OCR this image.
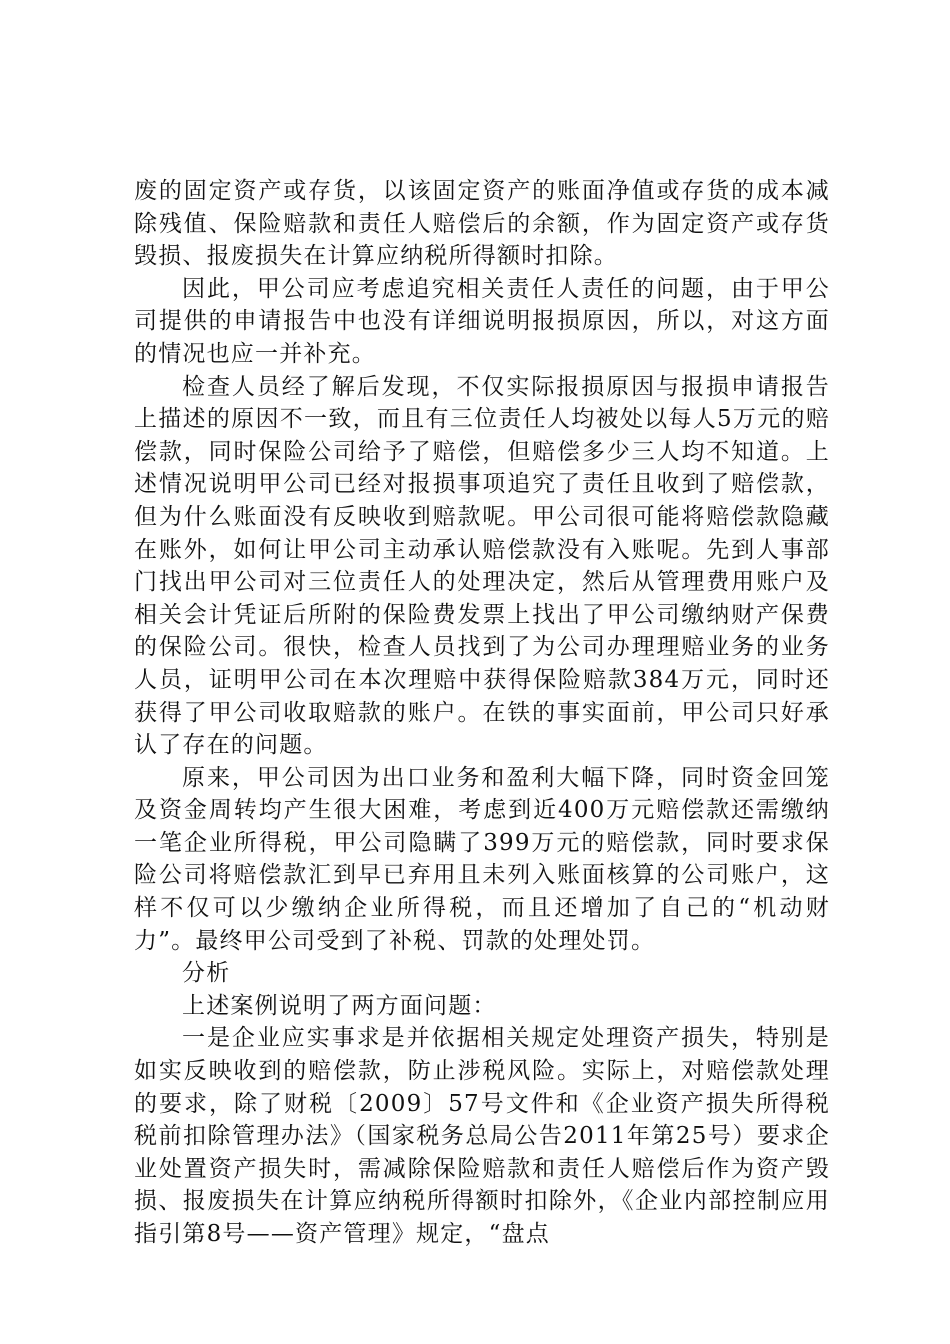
废的固定资产或存货，以该固定资产的账面净值或存货的成本减除残值、保险赔款和责任人赔偿后的余额，作为固定资产或存货毁损、报废损失在计算应纳税所得额时扣除。

因此，甲公司应考虑追究相关责任人责任的问题，由于甲公司提供的申请报告中也没有详细说明报损原因，所以，对这方面的情况也应一并补充。

检查人员经了解后发现，不仅实际报损原因与报损申请报告上描述的原因不一致，而且有三位责任人均被处以每人5万元的赔偿款，同时保险公司给予了赔偿，但赔偿多少三人均不知道。上述情况说明甲公司已经对报损事项追究了责任且收到了赔偿款，但为什么账面没有反映收到赔款呢。甲公司很可能将赔偿款隐藏在账外，如何让甲公司主动承认赔偿款没有入账呢。先到人事部门找出甲公司对三位责任人的处理决定，然后从管理费用账户及相关会计凭证后所附的保险费发票上找出了甲公司缴纳财产保费的保险公司。很快，检查人员找到了为公司办理理赔业务的业务人员，证明甲公司在本次理赔中获得保险赔款384万元，同时还获得了甲公司收取赔款的账户。在铁的事实面前，甲公司只好承认了存在的问题。

原来，甲公司因为出口业务和盈利大幅下降，同时资金回笼及资金周转均产生很大困难，考虑到近400万元赔偿款还需缴纳一笔企业所得税，甲公司隐瞒了399万元的赔偿款，同时要求保险公司将赔偿款汇到早已弃用且未列入账面核算的公司账户，这样不仅可以少缴纳企业所得税，而且还增加了自己的“机动财力”。最终甲公司受到了补税、罚款的处理处罚。

分析

上述案例说明了两方面问题：

一是企业应实事求是并依据相关规定处理资产损失，特别是如实反映收到的赔偿款，防止涉税风险。实际上，对赔偿款处理的要求，除了财税〔2009〕57号文件和《企业资产损失所得税税前扣除管理办法》（国家税务总局公告2011年第25号）要求企业处置资产损失时，需减除保险赔款和责任人赔偿后作为资产毁损、报废损失在计算应纳税所得额时扣除外，《企业内部控制应用指引第8号——资产管理》规定，“盘点
